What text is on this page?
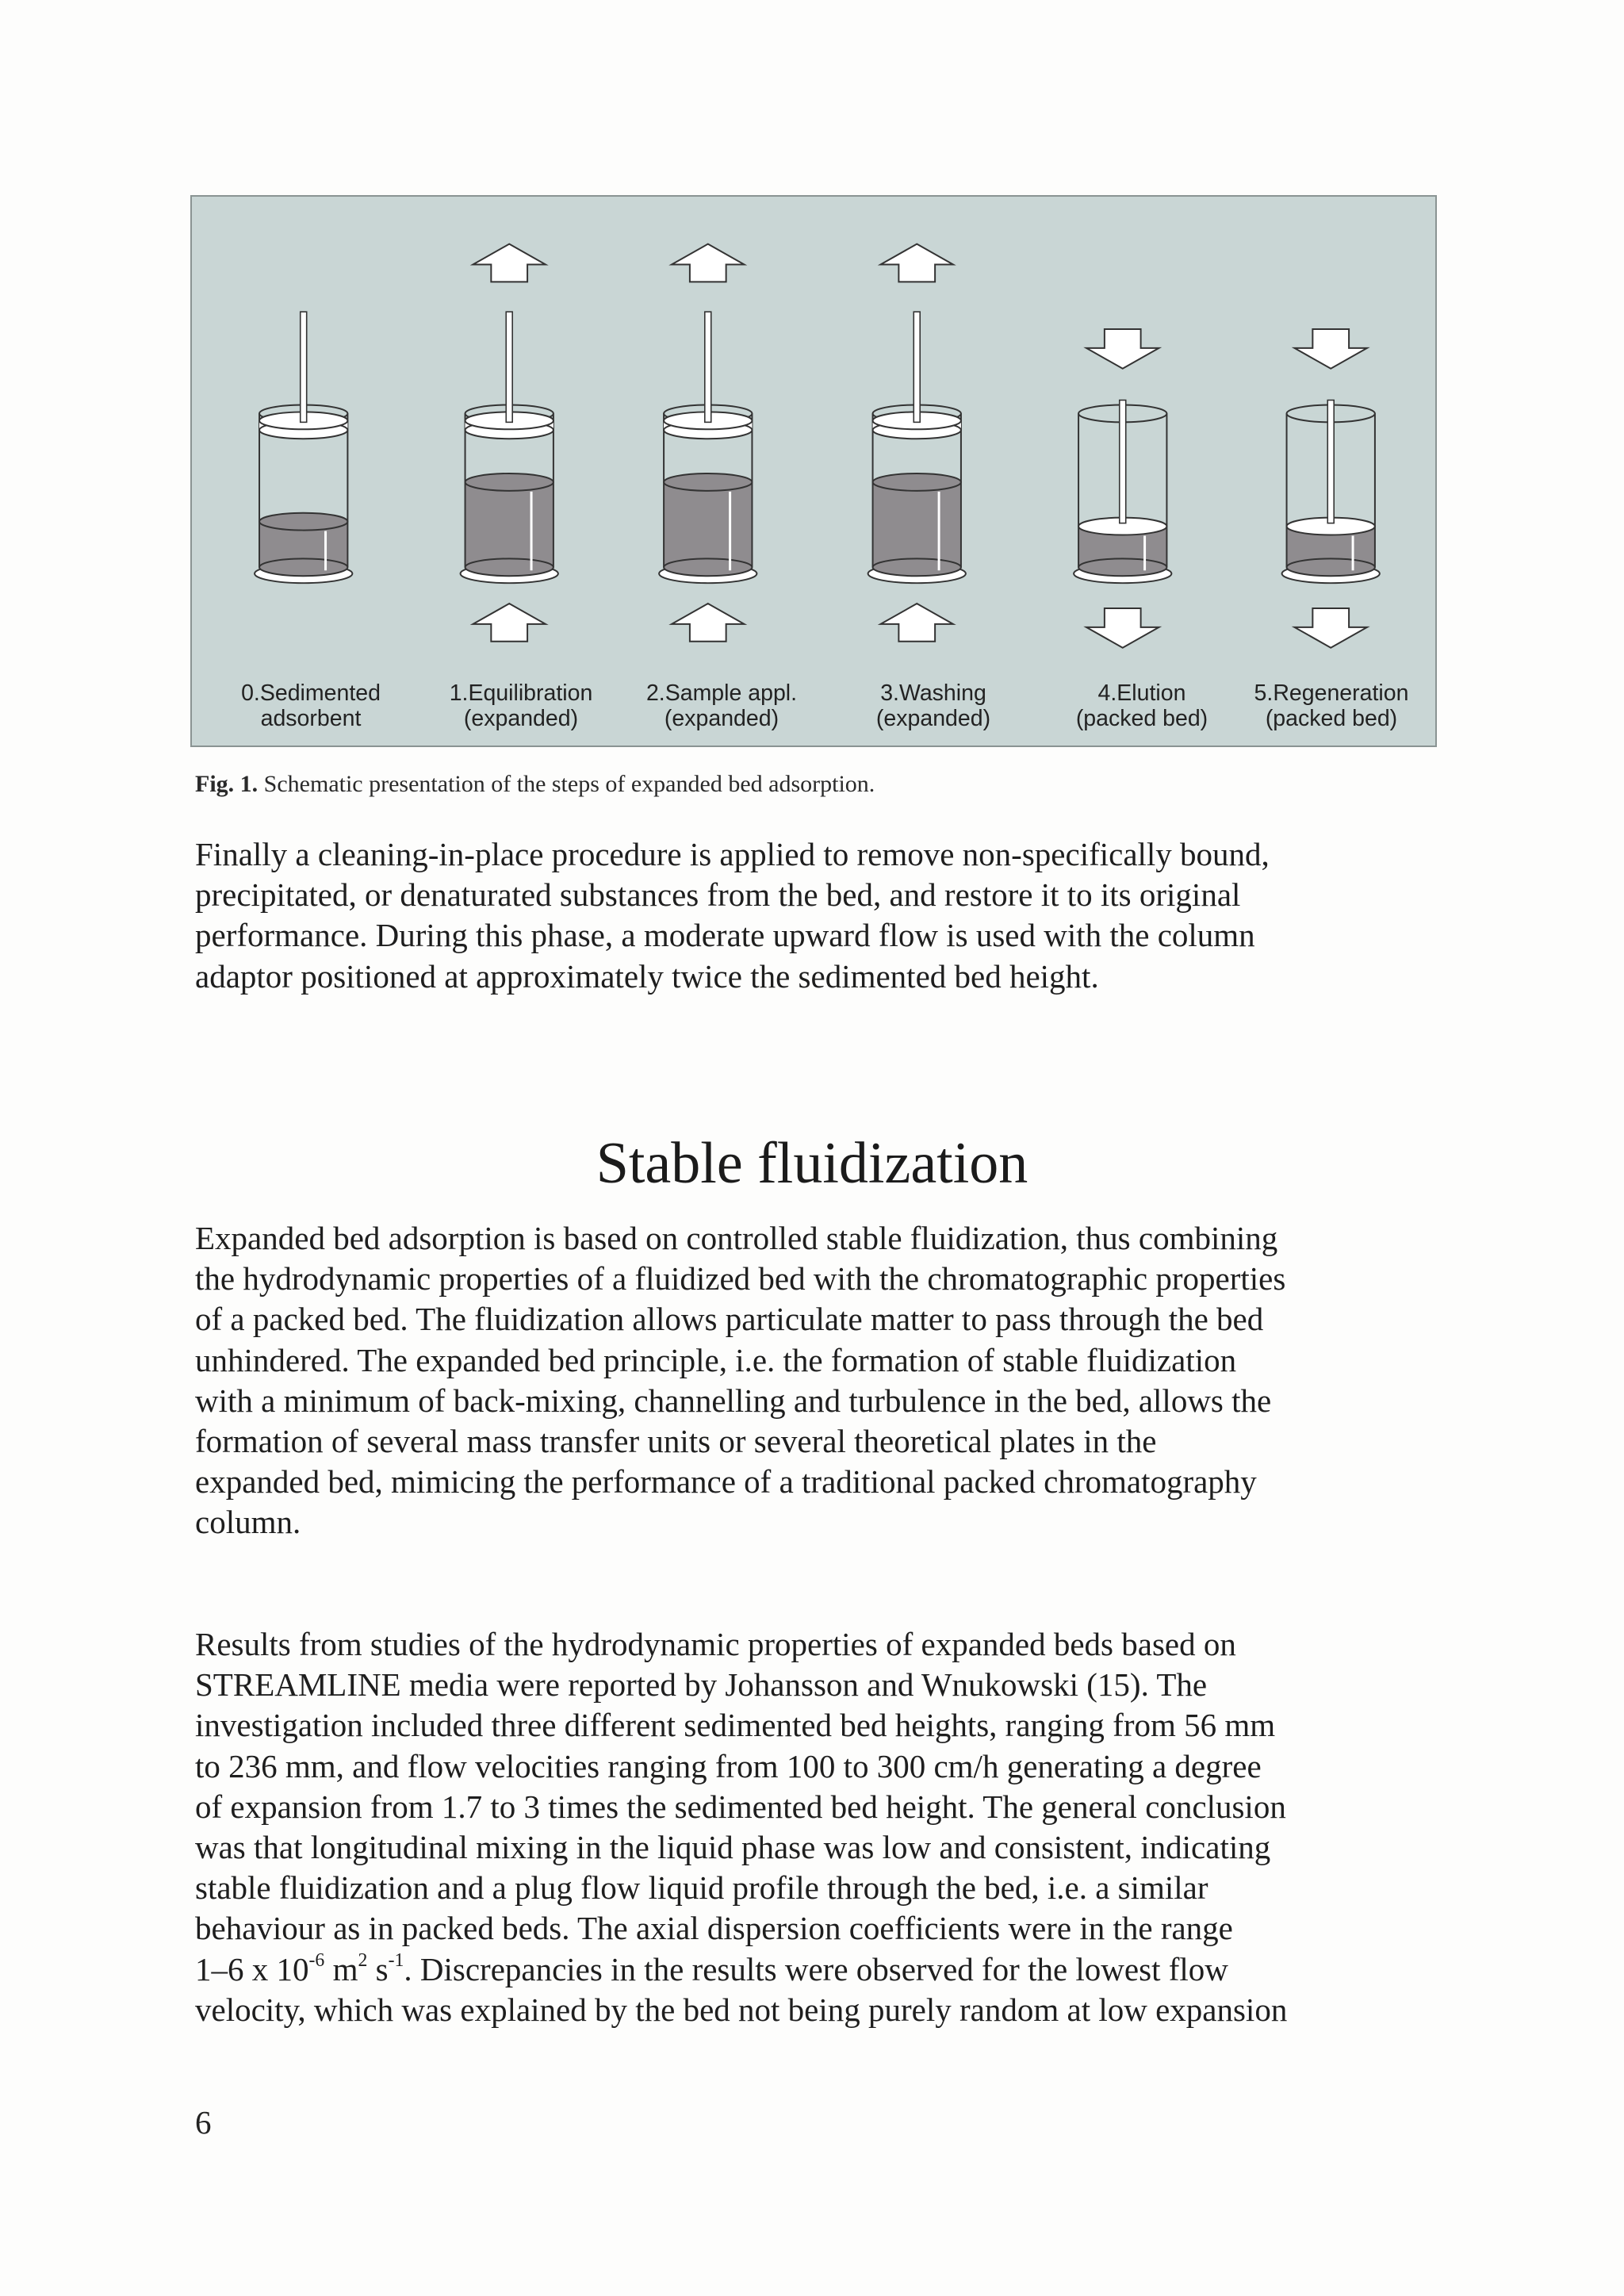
0.Sedimented
adsorbent
1.Equilibration
(expanded)
2.Sample appl.
(expanded)
3.Washing
(expanded)
4.Elution
(packed bed)
5.Regeneration
(packed bed)
Fig. 1. Schematic presentation of the steps of expanded bed adsorption.

Finally a cleaning-in-place procedure is applied to remove non-specifically bound,
precipitated, or denaturated substances from the bed, and restore it to its original
performance. During this phase, a moderate upward flow is used with the column
adaptor positioned at approximately twice the sedimented bed height.

Stable fluidization

Expanded bed adsorption is based on controlled stable fluidization, thus combining
the hydrodynamic properties of a fluidized bed with the chromatographic properties
of a packed bed. The fluidization allows particulate matter to pass through the bed
unhindered. The expanded bed principle, i.e. the formation of stable fluidization
with a minimum of back-mixing, channelling and turbulence in the bed, allows the
formation of several mass transfer units or several theoretical plates in the
expanded bed, mimicing the performance of a traditional packed chromatography
column.

Results from studies of the hydrodynamic properties of expanded beds based on
STREAMLINE media were reported by Johansson and Wnukowski (15). The
investigation included three different sedimented bed heights, ranging from 56 mm
to 236 mm, and flow velocities ranging from 100 to 300 cm/h generating a degree
of expansion from 1.7 to 3 times the sedimented bed height. The general conclusion
was that longitudinal mixing in the liquid phase was low and consistent, indicating
stable fluidization and a plug flow liquid profile through the bed, i.e. a similar
behaviour as in packed beds. The axial dispersion coefficients were in the range
1–6 x $10^{-6}$ $m^2$ $s^{-1}$. Discrepancies in the results were observed for the lowest flow
velocity, which was explained by the bed not being purely random at low expansion

6
